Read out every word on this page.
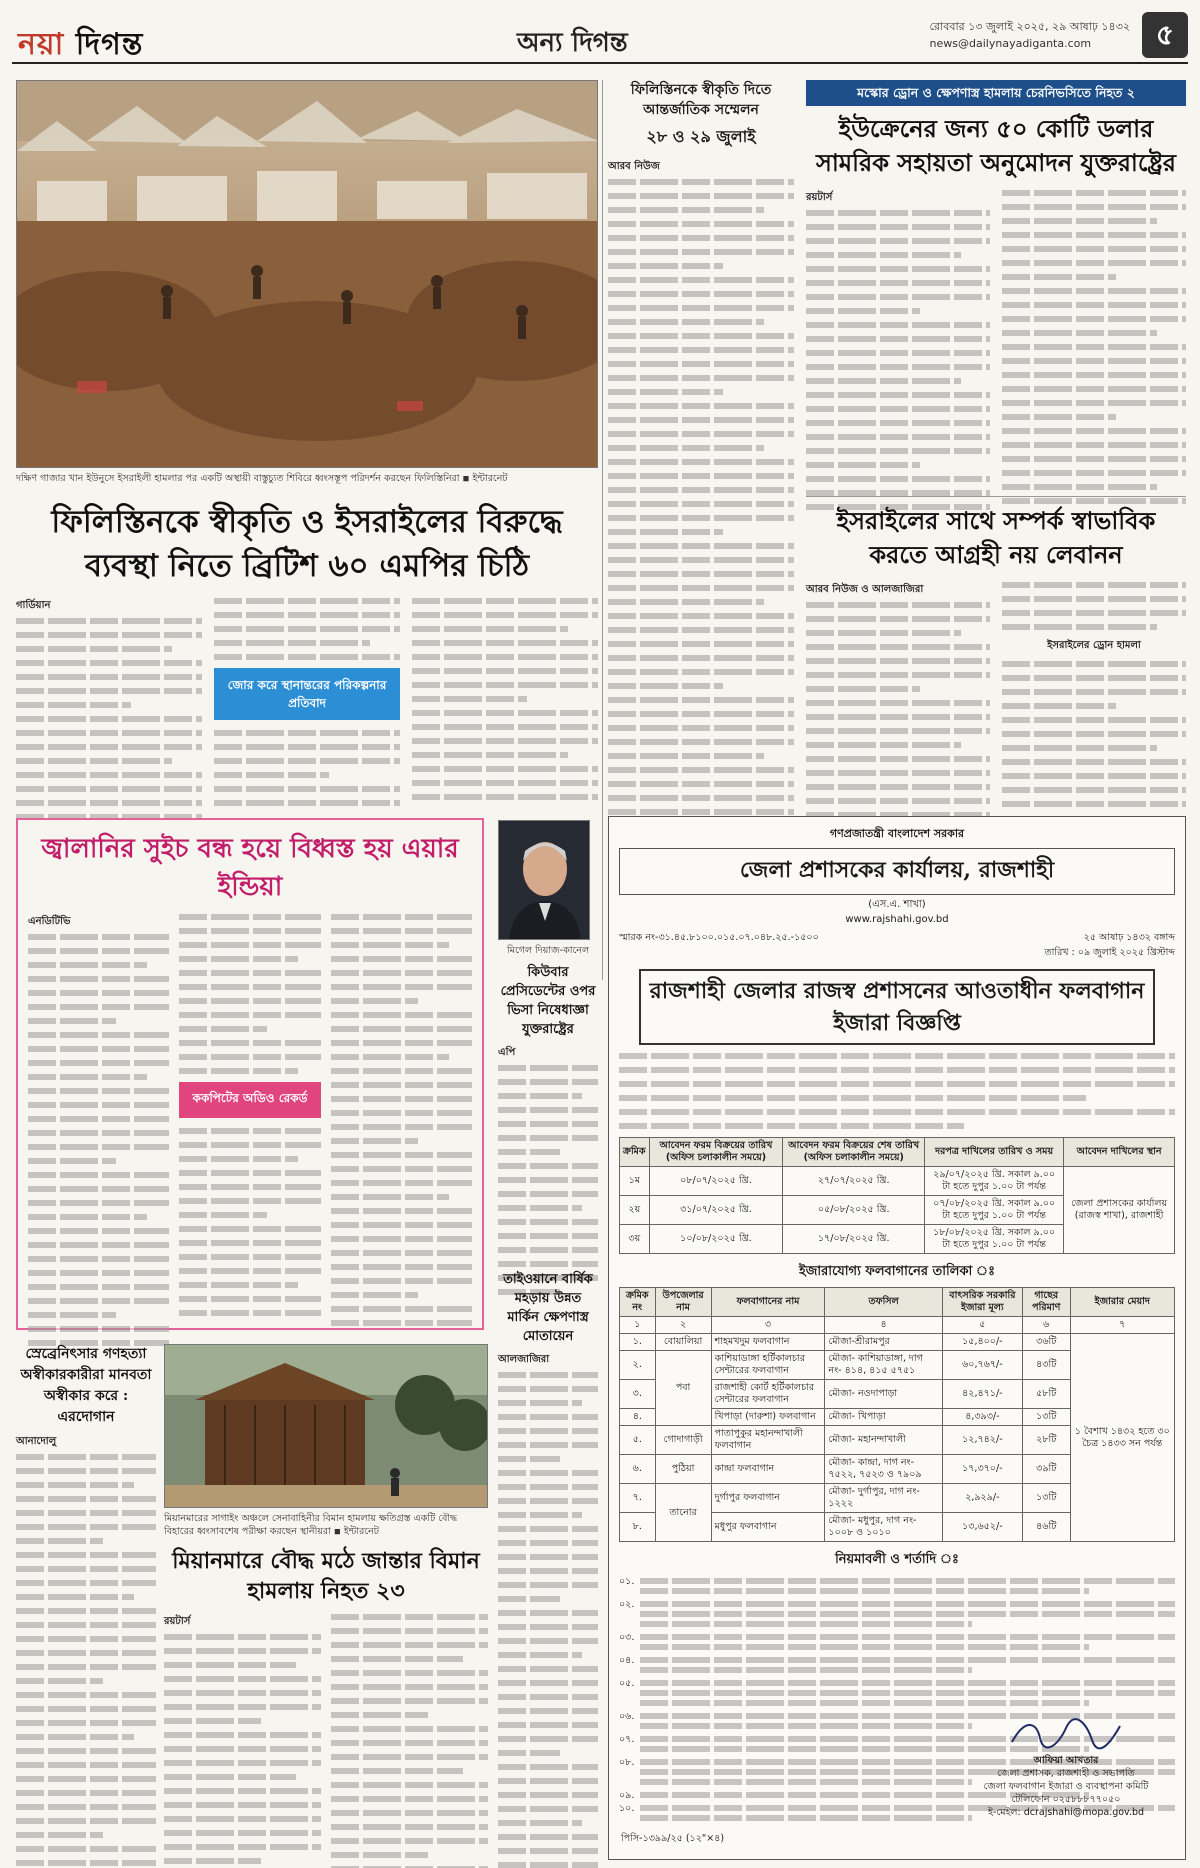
নয়া দিগন্ত	অন্য দিগন্ত
রোববার ১৩ জুলাই ২০২৫, ২৯ আষাঢ় ১৪৩২
news@dailynayadiganta.com	৫
দক্ষিণ গাজার খান ইউনুসে ইসরাইলী হামলার পর একটি অস্থায়ী বাস্তুচ্যুত শিবিরে ধ্বংসস্তূপ পরিদর্শন করছেন ফিলিস্তিনিরা ◾ ইন্টারনেট
ফিলিস্তিনকে স্বীকৃতি দিতে আন্তর্জাতিক সম্মেলন
২৮ ও ২৯ জুলাই
আরব নিউজ
মস্কোর ড্রোন ও ক্ষেপণাস্ত্র হামলায় চেরনিভসিতে নিহত ২
ইউক্রেনের জন্য ৫০ কোটি ডলার সামরিক সহায়তা অনুমোদন যুক্তরাষ্ট্রের
রয়টার্স
ইসরাইলের সাথে সম্পর্ক স্বাভাবিক করতে আগ্রহী নয় লেবানন
আরব নিউজ ও আলজাজিরা
ইসরাইলের ড্রোন হামলা
ফিলিস্তিনকে স্বীকৃতি ও ইসরাইলের বিরুদ্ধে ব্যবস্থা নিতে ব্রিটিশ ৬০ এমপির চিঠি
গার্ডিয়ান
জোর করে স্থানান্তরের পরিকল্পনার প্রতিবাদ
জ্বালানির সুইচ বন্ধ হয়ে বিধ্বস্ত হয় এয়ার ইন্ডিয়া
এনডিটিভি
ককপিটের অডিও রেকর্ড
মিগেল দিয়াজ-কানেল
কিউবার প্রেসিডেন্টের ওপর ভিসা নিষেধাজ্ঞা যুক্তরাষ্ট্রের
এপি
তাইওয়ানে বার্ষিক মহড়ায় উন্নত মার্কিন ক্ষেপণাস্ত্র মোতায়েন
আলজাজিরা
স্রেব্রেনিৎসার গণহত্যা অস্বীকারকারীরা মানবতা অস্বীকার করে : এরদোগান
আনাদোলু
মিয়ানমারের সাগাইং অঞ্চলে সেনাবাহিনীর বিমান হামলায় ক্ষতিগ্রস্ত একটি বৌদ্ধ বিহারের ধ্বংসাবশেষ পরীক্ষা করছেন স্থানীয়রা ◾ ইন্টারনেট
মিয়ানমারে বৌদ্ধ মঠে জান্তার বিমান হামলায় নিহত ২৩
রয়টার্স
গণপ্রজাতন্ত্রী বাংলাদেশ সরকার
জেলা প্রশাসকের কার্যালয়, রাজশাহী
(এস.এ. শাখা)
www.rajshahi.gov.bd
স্মারক নং-৩১.৪৫.৮১০০.০১৫.০৭.০৪৮.২৫.-১৫০০	২৫ আষাঢ় ১৪৩২ বঙ্গাব্দ
তারিখ : ০৯ জুলাই ২০২৫ খ্রিস্টাব্দ
রাজশাহী জেলার রাজস্ব প্রশাসনের আওতাধীন ফলবাগান ইজারা বিজ্ঞপ্তি
ক্রমিক	আবেদন ফরম বিক্রয়ের তারিখ (অফিস চলাকালীন সময়ে)	আবেদন ফরম বিক্রয়ের শেষ তারিখ (অফিস চলাকালীন সময়ে)	দরপত্র দাখিলের তারিখ ও সময়	আবেদন দাখিলের স্থান
১ম	০৮/০৭/২০২৫ খ্রি.	২৭/০৭/২০২৫ খ্রি.	২৯/০৭/২০২৫ খ্রি. সকাল ৯.০০ টা হতে দুপুর ১.০০ টা পর্যন্ত	জেলা প্রশাসকের কার্যালয় (রাজস্ব শাখা), রাজশাহী
২য়	৩১/০৭/২০২৫ খ্রি.	০৫/০৮/২০২৫ খ্রি.	০৭/০৮/২০২৫ খ্রি. সকাল ৯.০০ টা হতে দুপুর ১.০০ টা পর্যন্ত	
৩য়	১০/০৮/২০২৫ খ্রি.	১৭/০৮/২০২৫ খ্রি.	১৮/০৮/২০২৫ খ্রি. সকাল ৯.০০ টা হতে দুপুর ১.০০ টা পর্যন্ত	
ইজারাযোগ্য ফলবাগানের তালিকা ঃ
ক্রমিক নং	উপজেলার নাম	ফলবাগানের নাম	তফসিল	বাৎসরিক সরকারি ইজারা মূল্য	গাছের পরিমাণ	ইজারার মেয়াদ
১	২	৩	৪	৫	৬	৭
১.	বোয়ালিয়া	শাহমখদুম ফলবাগান	মৌজা-শ্রীরামপুর	১৫,৪০০/-	৩৬টি	১ বৈশাখ ১৪৩২ হতে ৩০ চৈত্র ১৪৩৩ সন পর্যন্ত
২.	পবা	কাশিয়াডাঙ্গা হর্টিকালচার সেন্টারের ফলবাগান	মৌজা- কাশিয়াডাঙ্গা, দাগ নং- ৪১৪, ৪১৫ ৫৭৫১	৬০,৭৬৭/-	৪৩টি	
৩.		রাজশাহী কোর্ট হর্টিকালচার সেন্টারের ফলবাগান	মৌজা- নওদাপাড়া	৪২,৪৭১/-	৫৮টি	
৪.		খিপাড়া (দারুশা) ফলবাগান	মৌজা- খিপাড়া	৪,৩৯৩/-	১৩টি	
৫.	গোদাগাড়ী	পাতাপুকুর মহানন্দাখালী ফলবাগান	মৌজা- মহানন্দাখালী	১২,৭৪২/-	২৮টি	
৬.	পুঠিয়া	কান্দ্রা ফলবাগান	মৌজা- কান্দ্রা, দাগ নং- ৭৫২২, ৭৫২৩ ও ৭৯০৯	১৭,৩৭০/-	৩৯টি	
৭.	তানোর	দুর্গাপুর ফলবাগান	মৌজা- দুর্গাপুর, দাগ নং- ১২২২	২,৯২৯/-	১৩টি	
৮.		মধুপুর ফলবাগান	মৌজা- মধুপুর, দাগ নং- ১০০৮ ও ১০১০	১৩,৬৫২/-	৪৬টি	
নিয়মাবলী ও শর্তাদি ঃ
০১.
০২.
০৩.
০৪.
০৫.
০৬.
০৭.
০৮.
০৯.
১০.
আফিয়া আখতার
জেলা প্রশাসক, রাজশাহী ও সভাপতি
জেলা ফলবাগান ইজারা ও ব্যবস্থাপনা কমিটি
টেলিফোন ০২৫৮৮৮৭৭০৫০
ই-মেইল: dcrajshahi@mopa.gov.bd
পিসি-১৩৯৯/২৫ (১২"×৪)
